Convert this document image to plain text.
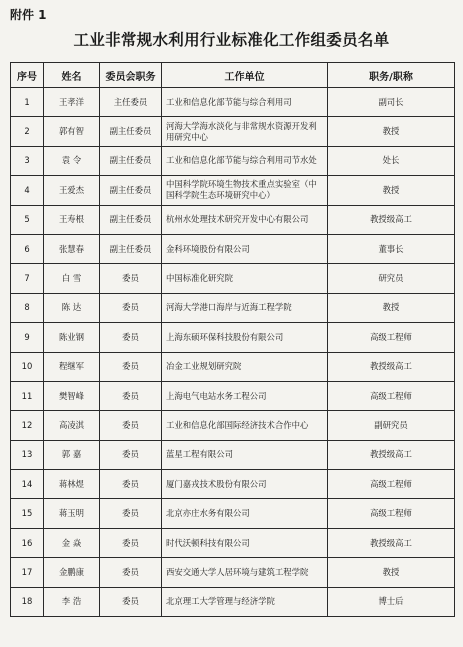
附件 1
工业非常规水利用行业标准化工作组委员名单
序号	姓名	委员会职务	工作单位	职务/职称
1	王孝洋	主任委员	工业和信息化部节能与综合利用司	副司长
2	郭有智	副主任委员	河海大学海水淡化与非常规水资源开发利用研究中心	教授
3	袁 令	副主任委员	工业和信息化部节能与综合利用司节水处	处长
4	王爱杰	副主任委员	中国科学院环境生物技术重点实验室（中国科学院生态环境研究中心）	教授
5	王寿根	副主任委员	杭州水处理技术研究开发中心有限公司	教授级高工
6	张慧春	副主任委员	金科环境股份有限公司	董事长
7	白 雪	委员	中国标准化研究院	研究员
8	陈 达	委员	河海大学港口海岸与近海工程学院	教授
9	陈业钢	委员	上海东硕环保科技股份有限公司	高级工程师
10	程继军	委员	冶金工业规划研究院	教授级高工
11	樊智峰	委员	上海电气电站水务工程公司	高级工程师
12	高凌淇	委员	工业和信息化部国际经济技术合作中心	副研究员
13	郭 嘉	委员	蓝星工程有限公司	教授级高工
14	蒋林煜	委员	厦门嘉戎技术股份有限公司	高级工程师
15	蒋玉明	委员	北京亦庄水务有限公司	高级工程师
16	金 焱	委员	时代沃顿科技有限公司	教授级高工
17	金鹏康	委员	西安交通大学人居环境与建筑工程学院	教授
18	李 浩	委员	北京理工大学管理与经济学院	博士后
